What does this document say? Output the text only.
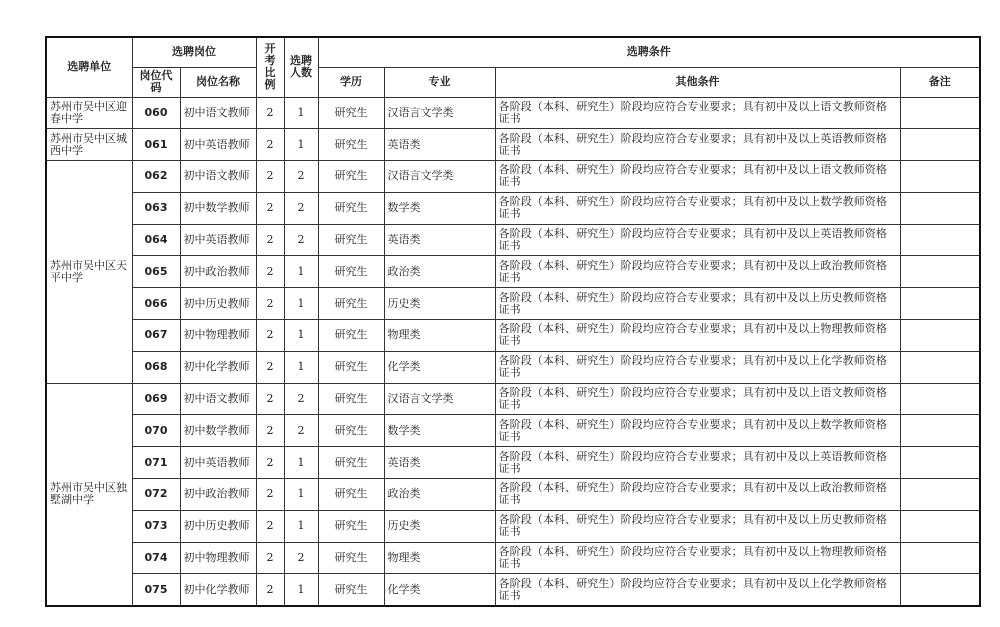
选聘单位	选聘岗位		开考比例	选聘人数	选聘条件			
	岗位代码	岗位名称			学历	专业	其他条件	备注
苏州市吴中区迎春中学	060	初中语文教师	2	1	研究生	汉语言文学类	各阶段（本科、研究生）阶段均应符合专业要求；具有初中及以上语文教师资格证书	
苏州市吴中区城西中学	061	初中英语教师	2	1	研究生	英语类	各阶段（本科、研究生）阶段均应符合专业要求；具有初中及以上英语教师资格证书	
苏州市吴中区天平中学	062	初中语文教师	2	2	研究生	汉语言文学类	各阶段（本科、研究生）阶段均应符合专业要求；具有初中及以上语文教师资格证书	
	063	初中数学教师	2	2	研究生	数学类	各阶段（本科、研究生）阶段均应符合专业要求；具有初中及以上数学教师资格证书	
	064	初中英语教师	2	2	研究生	英语类	各阶段（本科、研究生）阶段均应符合专业要求；具有初中及以上英语教师资格证书	
	065	初中政治教师	2	1	研究生	政治类	各阶段（本科、研究生）阶段均应符合专业要求；具有初中及以上政治教师资格证书	
	066	初中历史教师	2	1	研究生	历史类	各阶段（本科、研究生）阶段均应符合专业要求；具有初中及以上历史教师资格证书	
	067	初中物理教师	2	1	研究生	物理类	各阶段（本科、研究生）阶段均应符合专业要求；具有初中及以上物理教师资格证书	
	068	初中化学教师	2	1	研究生	化学类	各阶段（本科、研究生）阶段均应符合专业要求；具有初中及以上化学教师资格证书	
苏州市吴中区独墅湖中学	069	初中语文教师	2	2	研究生	汉语言文学类	各阶段（本科、研究生）阶段均应符合专业要求；具有初中及以上语文教师资格证书	
	070	初中数学教师	2	2	研究生	数学类	各阶段（本科、研究生）阶段均应符合专业要求；具有初中及以上数学教师资格证书	
	071	初中英语教师	2	1	研究生	英语类	各阶段（本科、研究生）阶段均应符合专业要求；具有初中及以上英语教师资格证书	
	072	初中政治教师	2	1	研究生	政治类	各阶段（本科、研究生）阶段均应符合专业要求；具有初中及以上政治教师资格证书	
	073	初中历史教师	2	1	研究生	历史类	各阶段（本科、研究生）阶段均应符合专业要求；具有初中及以上历史教师资格证书	
	074	初中物理教师	2	2	研究生	物理类	各阶段（本科、研究生）阶段均应符合专业要求；具有初中及以上物理教师资格证书	
	075	初中化学教师	2	1	研究生	化学类	各阶段（本科、研究生）阶段均应符合专业要求；具有初中及以上化学教师资格证书	
